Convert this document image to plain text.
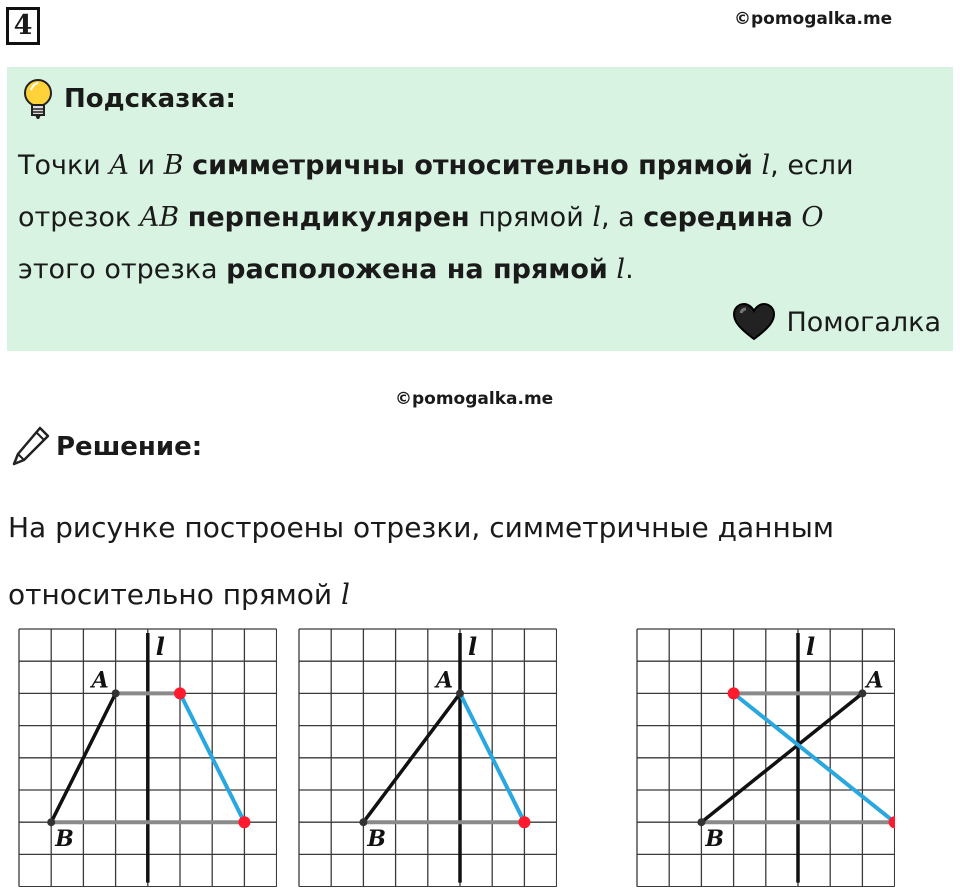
4	©pomogalka.me
Подсказка:
Точки A и B симметричны относительно прямой l, если
отрезок AB перпендикулярен прямой l, а середина O
этого отрезка расположена на прямой l.
Помогалка
©pomogalka.me
Решение:
На рисунке построены отрезки, симметричные данным
относительно прямой l
l
A
B
l
A
B
l
A
B
